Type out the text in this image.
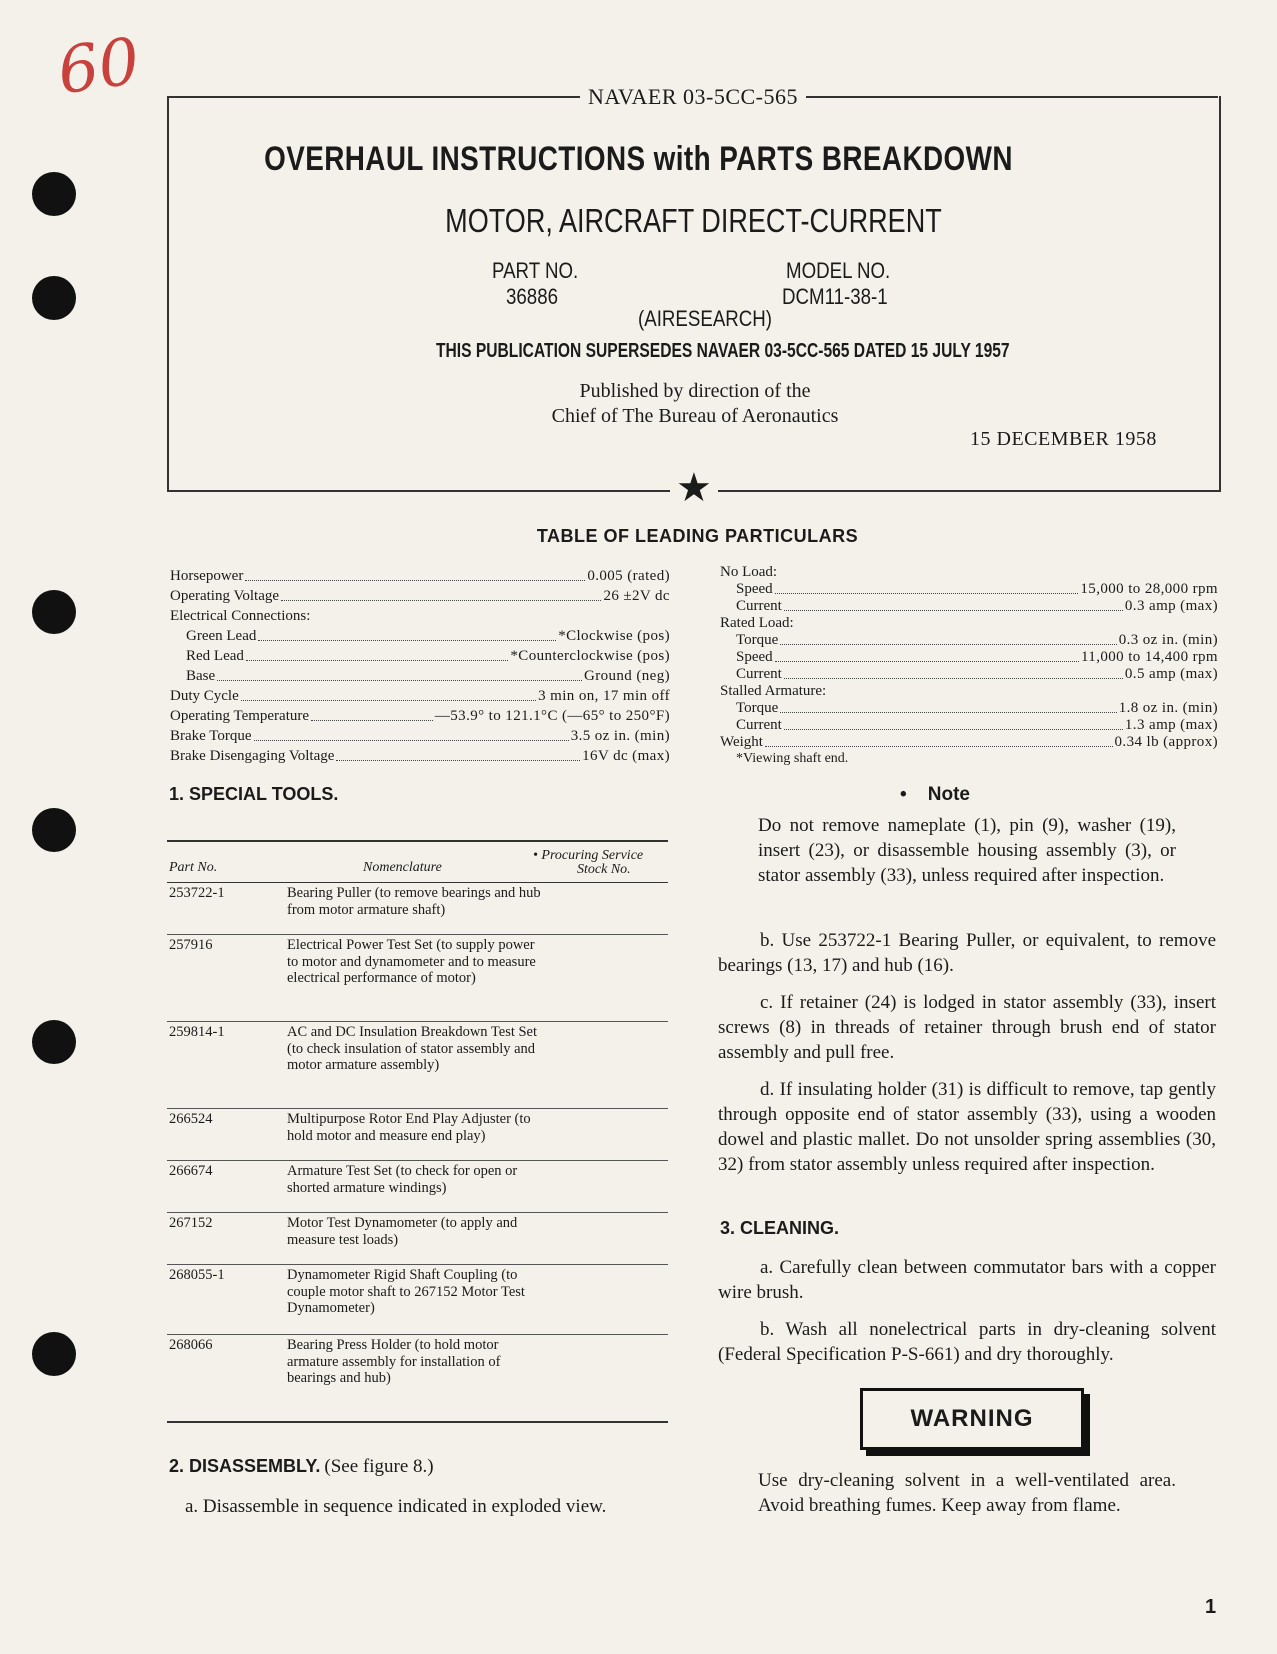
60	NAVAER 03-5CC-565
★
OVERHAUL INSTRUCTIONS with PARTS BREAKDOWN
MOTOR, AIRCRAFT DIRECT-CURRENT
PART NO.
36886
MODEL NO.
DCM11-38-1
(AIRESEARCH)
THIS PUBLICATION SUPERSEDES NAVAER 03-5CC-565 DATED 15 JULY 1957
Published by direction of the
Chief of The Bureau of Aeronautics
15 DECEMBER 1958
TABLE OF LEADING PARTICULARS
Horsepower	0.005 (rated)
Operating Voltage	26 ±2V dc
Electrical Connections:
Green Lead	*Clockwise (pos)
Red Lead	*Counterclockwise (pos)
Base	Ground (neg)
Duty Cycle	3 min on, 17 min off
Operating Temperature	—53.9° to 121.1°C (—65° to 250°F)
Brake Torque	3.5 oz in. (min)
Brake Disengaging Voltage	16V dc (max)
No Load:
Speed	15,000 to 28,000 rpm
Current	0.3 amp (max)
Rated Load:
Torque	0.3 oz in. (min)
Speed	11,000 to 14,400 rpm
Current	0.5 amp (max)
Stalled Armature:
Torque	1.8 oz in. (min)
Current	1.3 amp (max)
Weight	0.34 lb (approx)
*Viewing shaft end.
1. SPECIAL TOOLS.
Part No.	Nomenclature
• Procuring Service
Stock No.
253722-1	Bearing Puller (to remove bearings and hub from motor armature shaft)
257916	Electrical Power Test Set (to supply power to motor and dynamometer and to measure electrical performance of motor)
259814-1	AC and DC Insulation Breakdown Test Set (to check insulation of stator assembly and motor armature assembly)
266524	Multipurpose Rotor End Play Adjuster (to hold motor and measure end play)
266674	Armature Test Set (to check for open or shorted armature windings)
267152	Motor Test Dynamometer (to apply and measure test loads)
268055-1	Dynamometer Rigid Shaft Coupling (to couple motor shaft to 267152 Motor Test Dynamometer)
268066	Bearing Press Holder (to hold motor armature assembly for installation of bearings and hub)
2. DISASSEMBLY. (See figure 8.)
a. Disassemble in sequence indicated in exploded view.
•    Note
Do not remove nameplate (1), pin (9), washer (19), insert (23), or disassemble housing assembly (3), or stator assembly (33), unless required after inspection.
b. Use 253722-1 Bearing Puller, or equivalent, to remove bearings (13, 17) and hub (16).
c. If retainer (24) is lodged in stator assembly (33), insert screws (8) in threads of retainer through brush end of stator assembly and pull free.
d. If insulating holder (31) is difficult to remove, tap gently through opposite end of stator assembly (33), using a wooden dowel and plastic mallet. Do not unsolder spring assemblies (30, 32) from stator assembly unless required after inspection.
3. CLEANING.
a. Carefully clean between commutator bars with a copper wire brush.
b. Wash all nonelectrical parts in dry-cleaning solvent (Federal Specification P-S-661) and dry thoroughly.
WARNING
Use dry-cleaning solvent in a well-ventilated area. Avoid breathing fumes. Keep away from flame.
1
